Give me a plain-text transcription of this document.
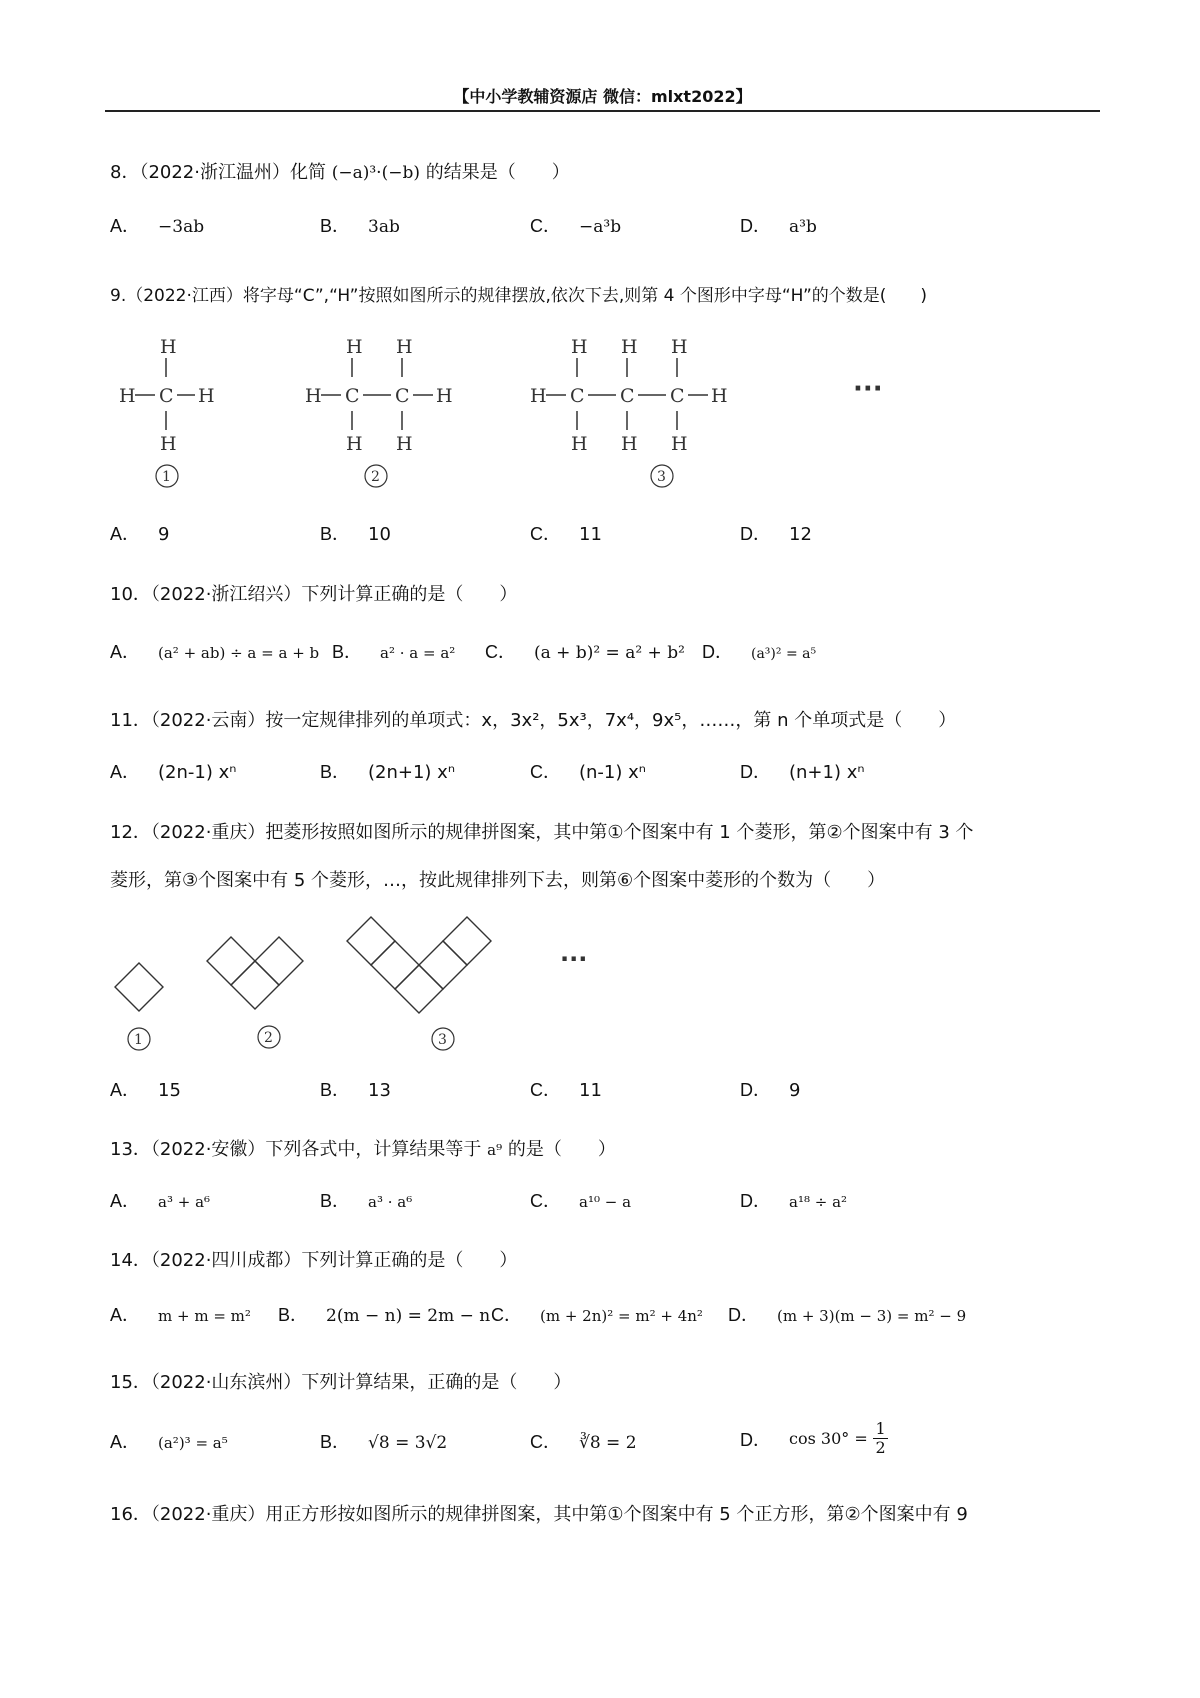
【中小学教辅资源店 微信：mlxt2022】
8．（2022·浙江温州）化简 (−a)³·(−b) 的结果是（　　）
A． −3ab	B． 3ab	C． −a³b	D． a³b
9.（2022·江西）将字母“C”,“H”按照如图所示的规律摆放,依次下去,则第 4 个图形中字母“H”的个数是(　　)
H
H C H
H
1
H H
H C C H
H H
2
H H H
H C C C H
H H H
3
···
A． 9	B． 10	C． 11	D． 12
10．（2022·浙江绍兴）下列计算正确的是（　　）
A． (a² + ab) ÷ a = a + b B． a² · a = a² C． (a + b)² = a² + b² D． (a³)² = a⁵
11．（2022·云南）按一定规律排列的单项式：x，3x²，5x³，7x⁴，9x⁵，……，第 n 个单项式是（　　）
A． (2n-1) xⁿ	B． (2n+1) xⁿ	C． (n-1) xⁿ	D． (n+1) xⁿ
12．（2022·重庆）把菱形按照如图所示的规律拼图案，其中第①个图案中有 1 个菱形，第②个图案中有 3 个
菱形，第③个图案中有 5 个菱形，…，按此规律排列下去，则第⑥个图案中菱形的个数为（　　）
1	2	3
···
A． 15	B． 13	C． 11	D． 9
13．（2022·安徽）下列各式中，计算结果等于 a⁹ 的是（　　）
A． a³ + a⁶	B． a³ · a⁶	C． a¹⁰ − a	D． a¹⁸ ÷ a²
14．（2022·四川成都）下列计算正确的是（　　）
A． m + m = m² B． 2(m − n) = 2m − n C． (m + 2n)² = m² + 4n² D． (m + 3)(m − 3) = m² − 9
15．（2022·山东滨州）下列计算结果，正确的是（　　）
A． (a²)³ = a⁵	B． √8 = 3√2	C． ∛8 = 2	D． $\cos 30^\circ = \frac{1}{2}$
16．（2022·重庆）用正方形按如图所示的规律拼图案，其中第①个图案中有 5 个正方形，第②个图案中有 9
